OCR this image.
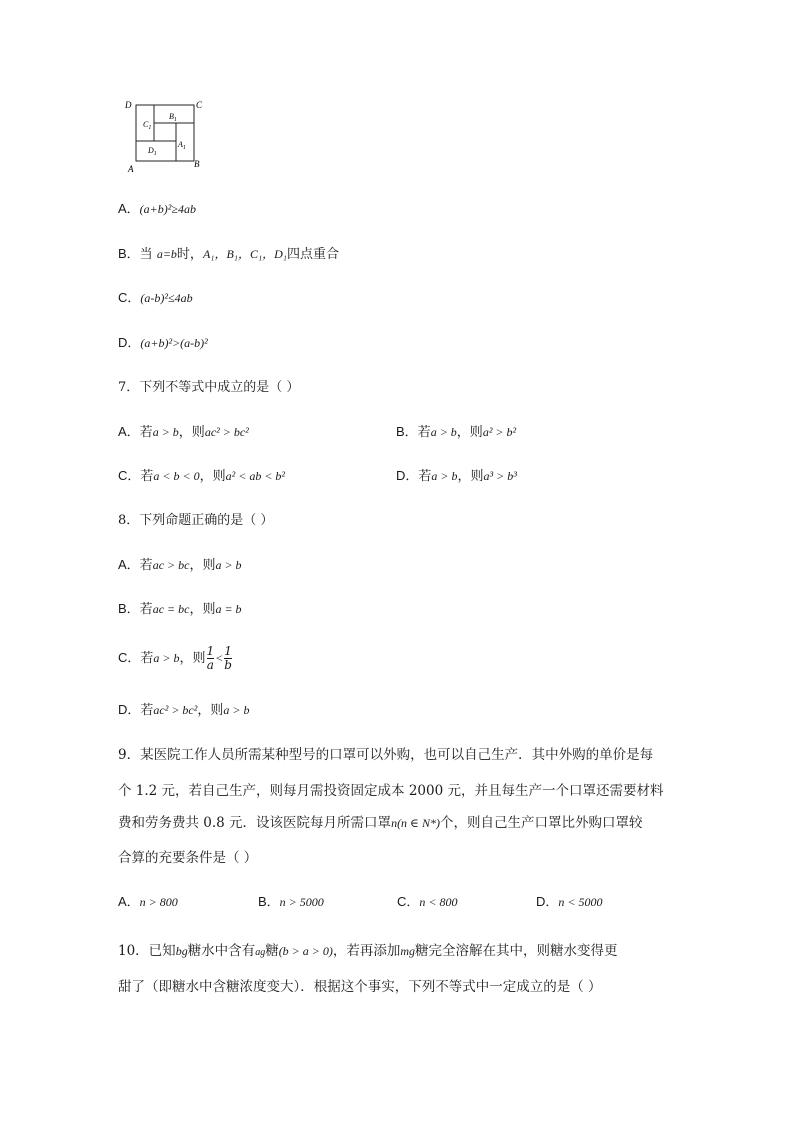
D	C
A	B
$C_1$
$B_1$
$D_1$
$A_1$
A．(a+b)²≥4ab
B．当 a=b时，A₁，B₁，C₁，D₁四点重合
C．(a-b)²≤4ab
D．(a+b)²>(a-b)²
7．下列不等式中成立的是（ ）
A．若a > b，则ac² > bc²	B．若a > b，则a² > b²
C．若a < b < 0，则a² < ab < b²	D．若a > b，则a³ > b³
8．下列命题正确的是（ ）
A．若ac > bc，则a > b
B．若ac = bc，则a = b
C．若a > b，则 $\frac{1}{a} < \frac{1}{b}$
D．若ac² > bc²，则a > b
9．某医院工作人员所需某种型号的口罩可以外购，也可以自己生产．其中外购的单价是每
个 1.2 元，若自己生产，则每月需投资固定成本 2000 元，并且每生产一个口罩还需要材料
费和劳务费共 0.8 元．设该医院每月所需口罩n(n ∈ N*)个，则自己生产口罩比外购口罩较
合算的充要条件是（ ）
A．n > 800	B．n > 5000	C．n < 800	D．n < 5000
10．已知bg糖水中含有ag糖(b > a > 0)，若再添加mg糖完全溶解在其中，则糖水变得更
甜了（即糖水中含糖浓度变大）．根据这个事实，下列不等式中一定成立的是（ ）
